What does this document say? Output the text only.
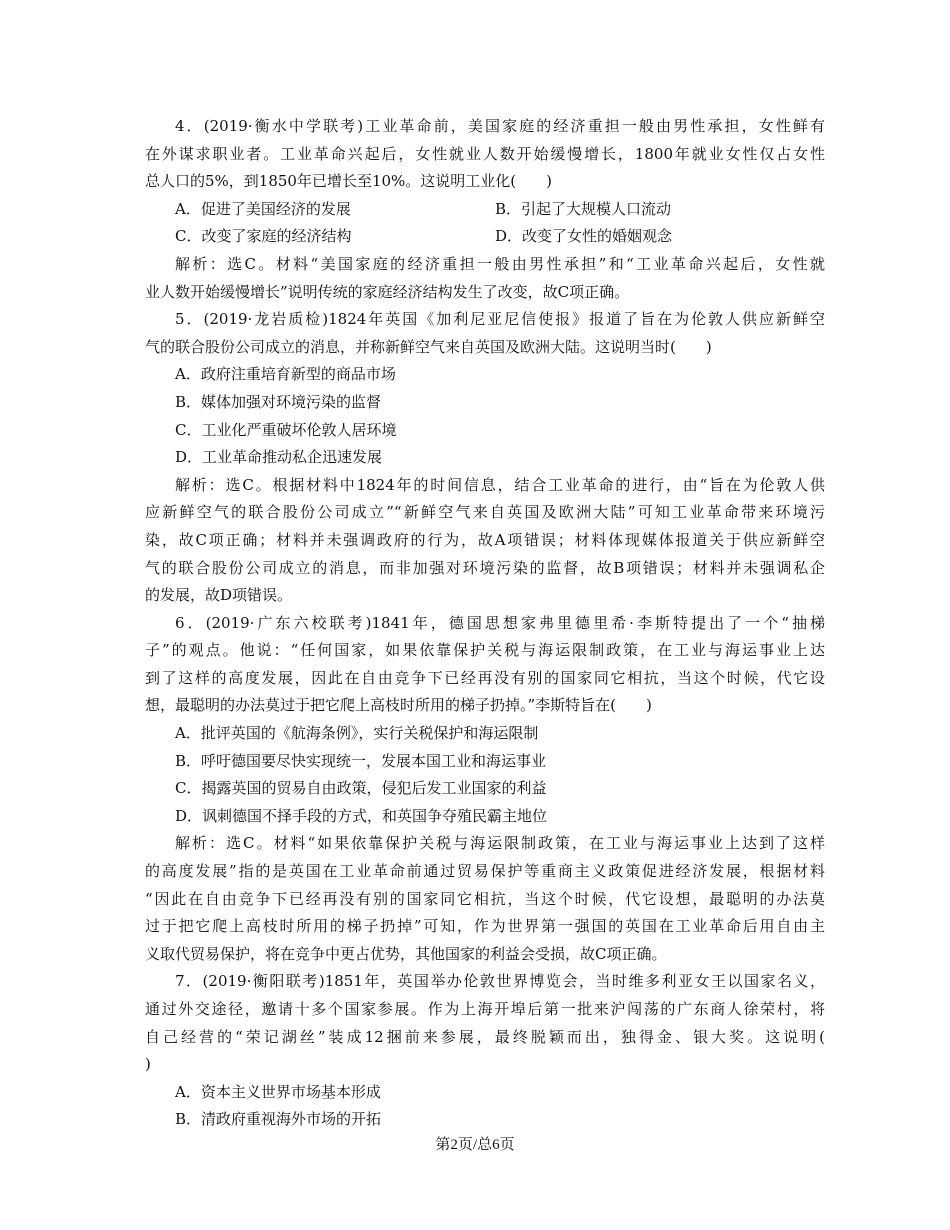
4．(2019·衡水中学联考)工业革命前，美国家庭的经济重担一般由男性承担，女性鲜有
在外谋求职业者。工业革命兴起后，女性就业人数开始缓慢增长，1800年就业女性仅占女性
总人口的5%，到1850年已增长至10%。这说明工业化(　　)
A．促进了美国经济的发展	B．引起了大规模人口流动
C．改变了家庭的经济结构	D．改变了女性的婚姻观念
解析：选C。材料“美国家庭的经济重担一般由男性承担”和“工业革命兴起后，女性就
业人数开始缓慢增长”说明传统的家庭经济结构发生了改变，故C项正确。
5．(2019·龙岩质检)1824年英国《加利尼亚尼信使报》报道了旨在为伦敦人供应新鲜空
气的联合股份公司成立的消息，并称新鲜空气来自英国及欧洲大陆。这说明当时(　　)
A．政府注重培育新型的商品市场
B．媒体加强对环境污染的监督
C．工业化严重破坏伦敦人居环境
D．工业革命推动私企迅速发展
解析：选C。根据材料中1824年的时间信息，结合工业革命的进行，由“旨在为伦敦人供
应新鲜空气的联合股份公司成立”“新鲜空气来自英国及欧洲大陆”可知工业革命带来环境污
染，故C项正确；材料并未强调政府的行为，故A项错误；材料体现媒体报道关于供应新鲜空
气的联合股份公司成立的消息，而非加强对环境污染的监督，故B项错误；材料并未强调私企
的发展，故D项错误。
6．(2019·广东六校联考)1841年，德国思想家弗里德里希·李斯特提出了一个“抽梯
子”的观点。他说：“任何国家，如果依靠保护关税与海运限制政策，在工业与海运事业上达
到了这样的高度发展，因此在自由竞争下已经再没有别的国家同它相抗，当这个时候，代它设
想，最聪明的办法莫过于把它爬上高枝时所用的梯子扔掉。”李斯特旨在(　　)
A．批评英国的《航海条例》，实行关税保护和海运限制
B．呼吁德国要尽快实现统一，发展本国工业和海运事业
C．揭露英国的贸易自由政策，侵犯后发工业国家的利益
D．讽刺德国不择手段的方式，和英国争夺殖民霸主地位
解析：选C。材料“如果依靠保护关税与海运限制政策，在工业与海运事业上达到了这样
的高度发展”指的是英国在工业革命前通过贸易保护等重商主义政策促进经济发展，根据材料
“因此在自由竞争下已经再没有别的国家同它相抗，当这个时候，代它设想，最聪明的办法莫
过于把它爬上高枝时所用的梯子扔掉”可知，作为世界第一强国的英国在工业革命后用自由主
义取代贸易保护，将在竞争中更占优势，其他国家的利益会受损，故C项正确。
7．(2019·衡阳联考)1851年，英国举办伦敦世界博览会，当时维多利亚女王以国家名义，
通过外交途径，邀请十多个国家参展。作为上海开埠后第一批来沪闯荡的广东商人徐荣村，将
自己经营的“荣记湖丝”装成12捆前来参展，最终脱颖而出，独得金、银大奖。这说明(
)
A．资本主义世界市场基本形成
B．清政府重视海外市场的开拓
第2页/总6页
